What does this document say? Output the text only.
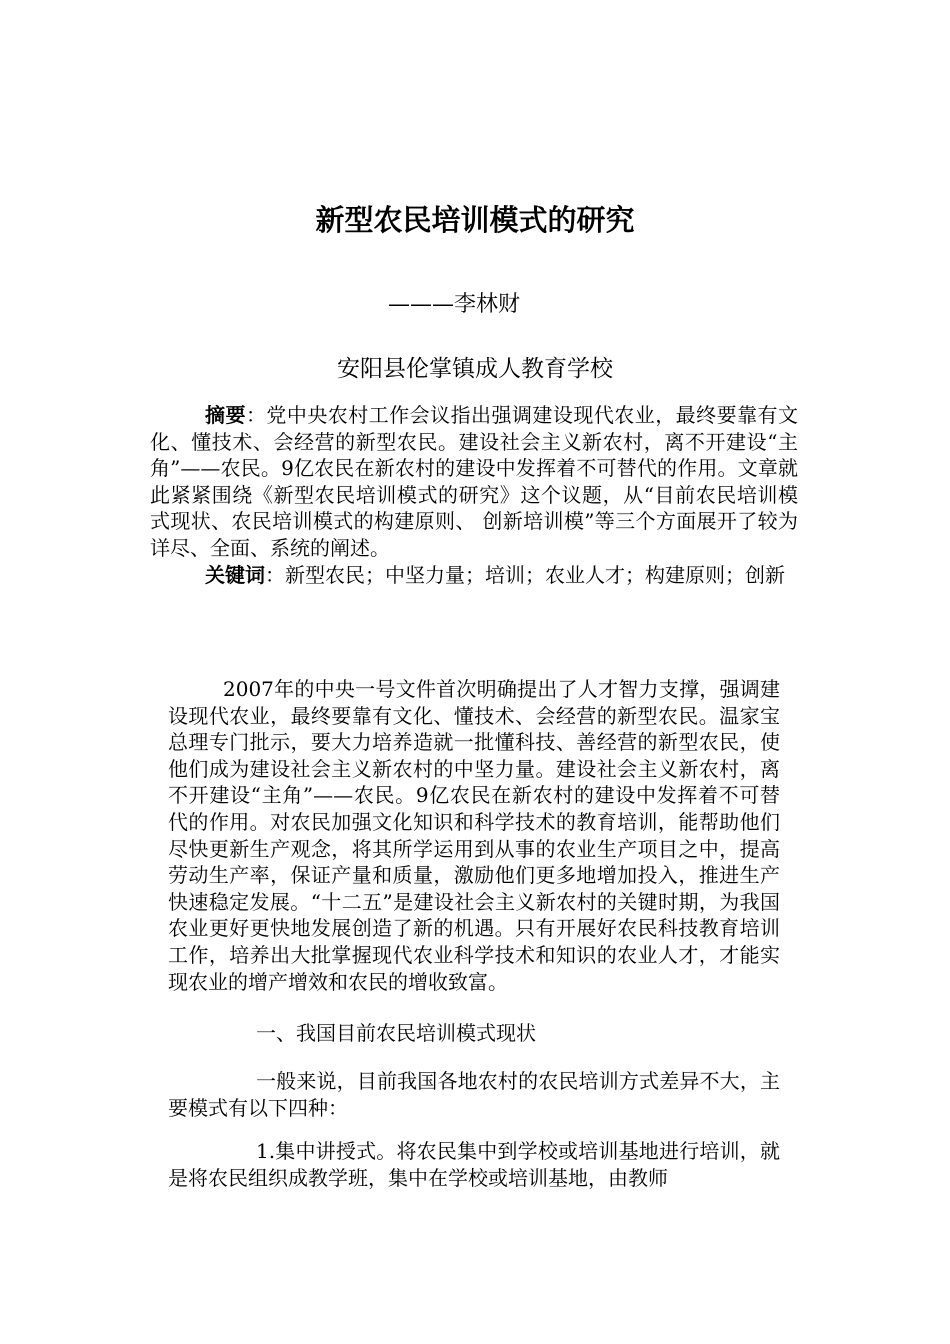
新型农民培训模式的研究
———李林财
安阳县伦掌镇成人教育学校

摘要：党中央农村工作会议指出强调建设现代农业，最终要靠有文化、懂技术、会经营的新型农民。建设社会主义新农村，离不开建设“主角”——农民。9亿农民在新农村的建设中发挥着不可替代的作用。文章就此紧紧围绕《新型农民培训模式的研究》这个议题，从“目前农民培训模式现状、农民培训模式的构建原则、 创新培训模”等三个方面展开了较为详尽、全面、系统的阐述。

关键词：新型农民；中坚力量；培训；农业人才；构建原则；创新

2007年的中央一号文件首次明确提出了人才智力支撑，强调建设现代农业，最终要靠有文化、懂技术、会经营的新型农民。温家宝总理专门批示，要大力培养造就一批懂科技、善经营的新型农民，使他们成为建设社会主义新农村的中坚力量。建设社会主义新农村，离不开建设“主角”——农民。9亿农民在新农村的建设中发挥着不可替代的作用。对农民加强文化知识和科学技术的教育培训，能帮助他们尽快更新生产观念，将其所学运用到从事的农业生产项目之中，提高劳动生产率，保证产量和质量，激励他们更多地增加投入，推进生产快速稳定发展。“十二五”是建设社会主义新农村的关键时期，为我国农业更好更快地发展创造了新的机遇。只有开展好农民科技教育培训工作，培养出大批掌握现代农业科学技术和知识的农业人才，才能实现农业的增产增效和农民的增收致富。

一、我国目前农民培训模式现状

一般来说，目前我国各地农村的农民培训方式差异不大，主要模式有以下四种：

1.集中讲授式。将农民集中到学校或培训基地进行培训，就是将农民组织成教学班，集中在学校或培训基地，由教师
